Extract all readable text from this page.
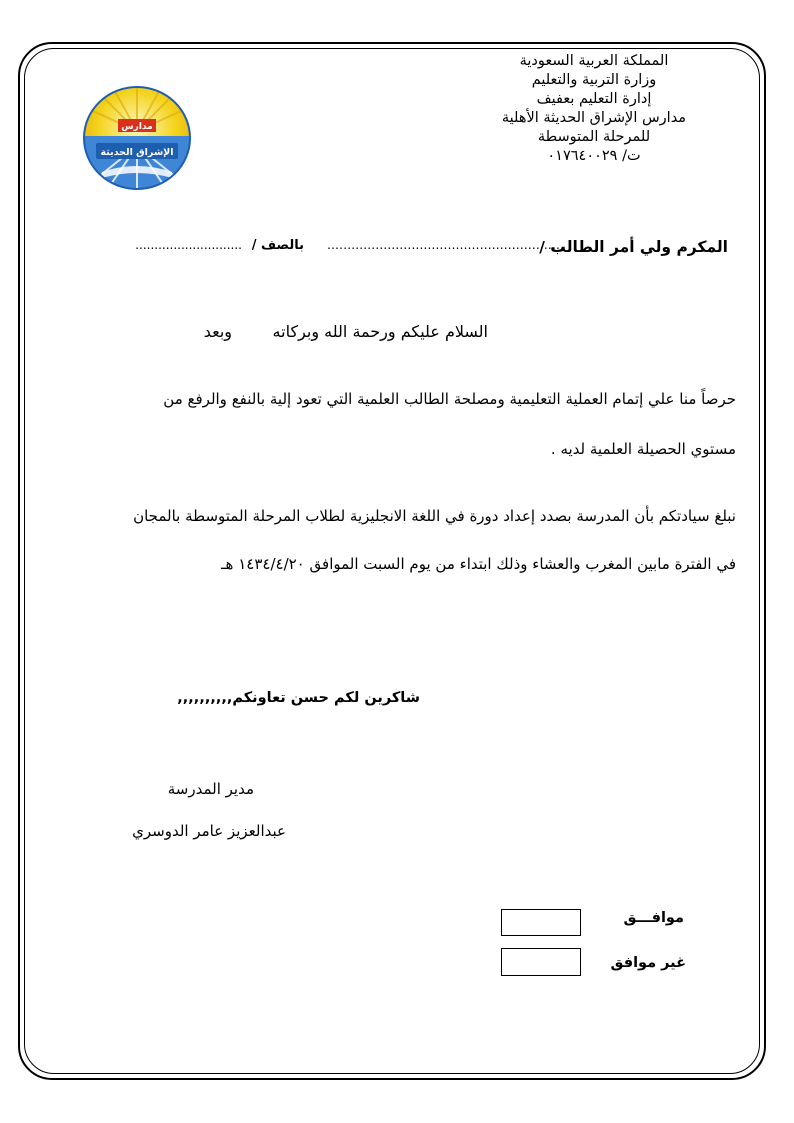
المملكة العربية السعودية
وزارة التربية والتعليم
إدارة التعليم بعفيف
مدارس الإشراق الحديثة الأهلية
للمرحلة المتوسطة
ت/ ٠١٧٦٤٠٠٢٩
مدارس
الإشراق الحديثة
المكرم ولي أمر الطالب /
...........................................................
بالصف /
............................
السلام عليكم ورحمة الله وبركاته
وبعد
حرصاً منا علي إتمام العملية التعليمية ومصلحة الطالب العلمية التي تعود إلية بالنفع والرفع من
مستوي الحصيلة العلمية لديه .
نبلغ سيادتكم بأن المدرسة بصدد إعداد دورة في اللغة الانجليزية لطلاب المرحلة المتوسطة بالمجان
في الفترة مابين المغرب والعشاء وذلك ابتداء من يوم السبت الموافق ١٤٣٤/٤/٢٠ هـ
شاكرين لكم حسن تعاونكم,,,,,,,,,,
مدير المدرسة
عبدالعزيز عامر الدوسري
موافـــق
غير موافق
